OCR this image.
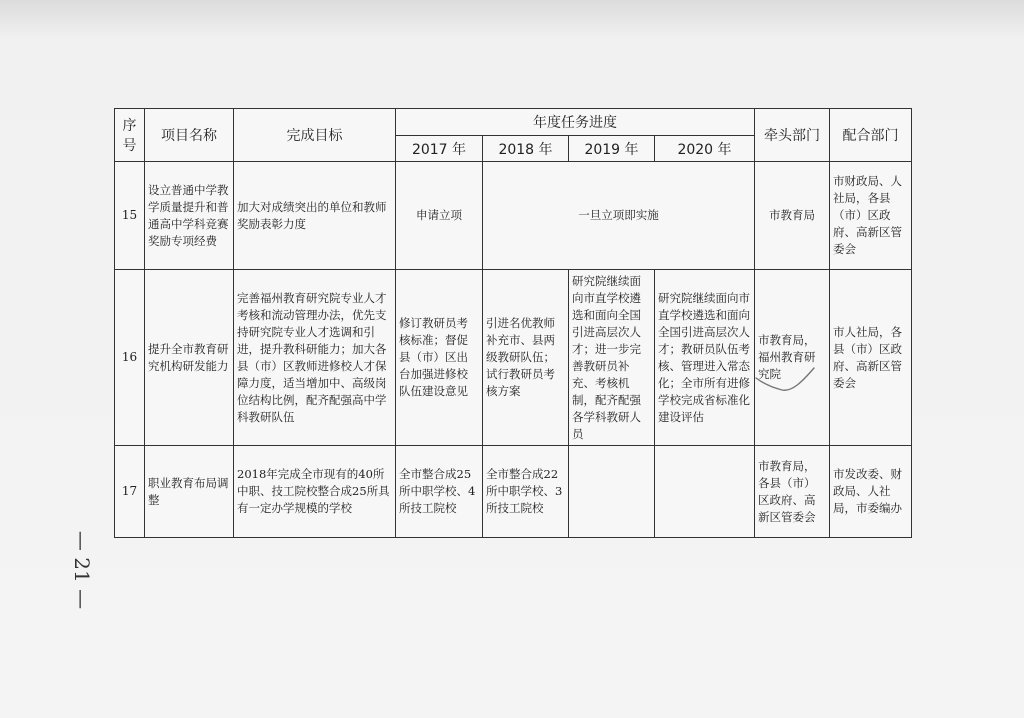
序号	项目名称	完成目标	年度任务进度				牵头部门	配合部门
			2017 年	2018 年	2019 年	2020 年		
15	设立普通中学教学质量提升和普通高中学科竞赛奖励专项经费	加大对成绩突出的单位和教师奖励表彰力度	申请立项	一旦立项即实施			市教育局	市财政局、人社局，各县（市）区政府、高新区管委会
16	提升全市教育研究机构研发能力	完善福州教育研究院专业人才考核和流动管理办法，优先支持研究院专业人才选调和引进，提升教科研能力；加大各县（市）区教师进修校人才保障力度，适当增加中、高级岗位结构比例，配齐配强高中学科教研队伍	修订教研员考核标准；督促县（市）区出台加强进修校队伍建设意见	引进名优教师补充市、县两级教研队伍；试行教研员考核方案	研究院继续面向市直学校遴选和面向全国引进高层次人才；进一步完善教研员补充、考核机制，配齐配强各学科教研人员	研究院继续面向市直学校遴选和面向全国引进高层次人才；教研员队伍考核、管理进入常态化；全市所有进修学校完成省标准化建设评估	市教育局，福州教育研究院	市人社局，各县（市）区政府、高新区管委会
17	职业教育布局调整	2018年完成全市现有的40所中职、技工院校整合成25所具有一定办学规模的学校	全市整合成25所中职学校、4所技工院校	全市整合成22所中职学校、3所技工院校			市教育局，各县（市）区政府、高新区管委会	市发改委、财政局、人社局，市委编办
— 21 —
